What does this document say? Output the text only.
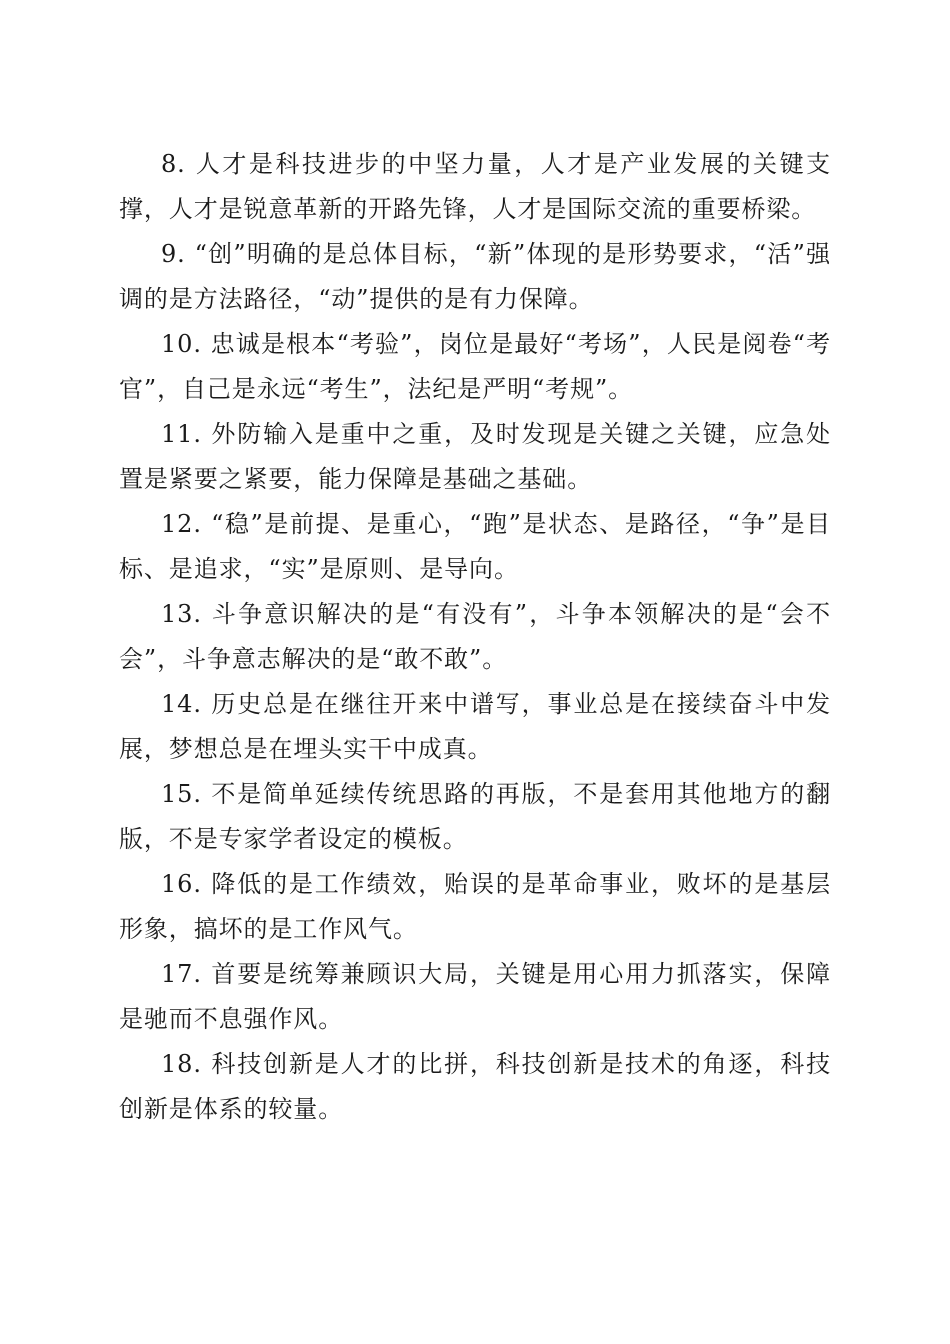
8. 人才是科技进步的中坚力量，人才是产业发展的关键支撑，人才是锐意革新的开路先锋，人才是国际交流的重要桥梁。

9. “创”明确的是总体目标，“新”体现的是形势要求，“活”强调的是方法路径，“动”提供的是有力保障。

10. 忠诚是根本“考验”，岗位是最好“考场”，人民是阅卷“考官”，自己是永远“考生”，法纪是严明“考规”。

11. 外防输入是重中之重，及时发现是关键之关键，应急处置是紧要之紧要，能力保障是基础之基础。

12. “稳”是前提、是重心，“跑”是状态、是路径，“争”是目标、是追求，“实”是原则、是导向。

13. 斗争意识解决的是“有没有”，斗争本领解决的是“会不会”，斗争意志解决的是“敢不敢”。

14. 历史总是在继往开来中谱写，事业总是在接续奋斗中发展，梦想总是在埋头实干中成真。

15. 不是简单延续传统思路的再版，不是套用其他地方的翻版，不是专家学者设定的模板。

16. 降低的是工作绩效，贻误的是革命事业，败坏的是基层形象，搞坏的是工作风气。

17. 首要是统筹兼顾识大局，关键是用心用力抓落实，保障是驰而不息强作风。

18. 科技创新是人才的比拼，科技创新是技术的角逐，科技创新是体系的较量。
